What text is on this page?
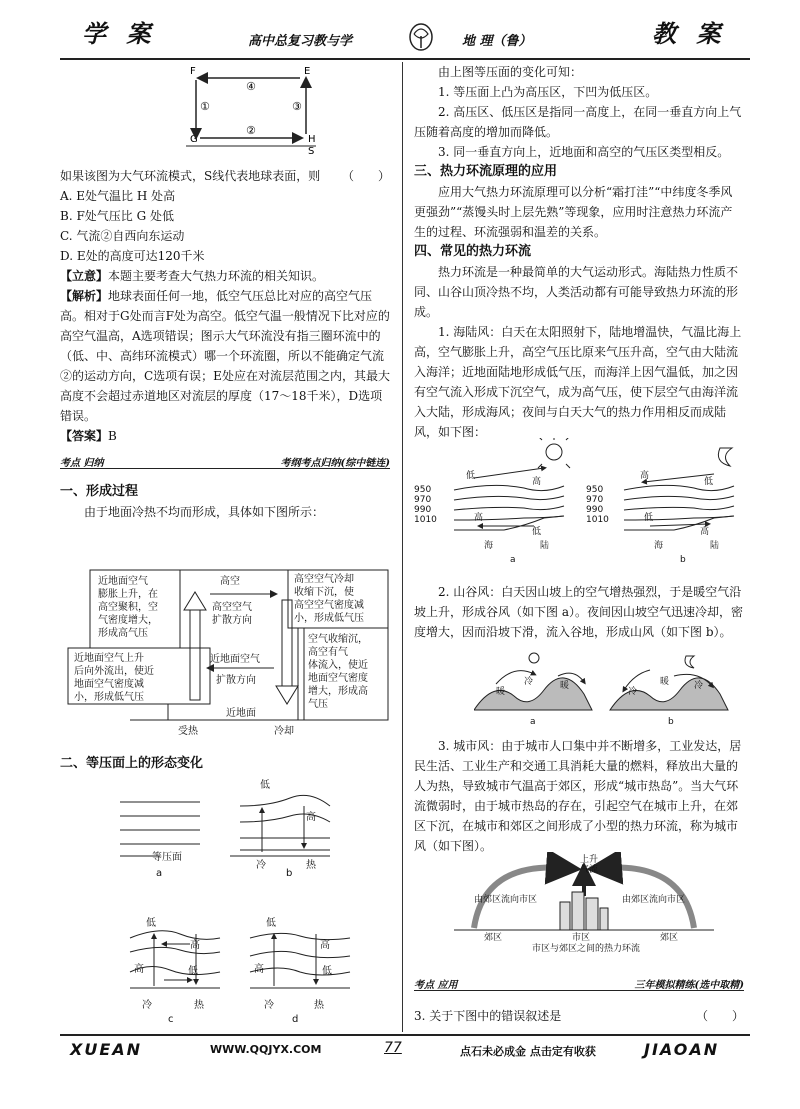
学 案	高中总复习教与学	地 理（鲁）	教 案
F	E
G	H
S
④
①
②
③

如果该图为大气环流模式，S线代表地球表面，则 （　　）

A. E处气温比 H 处高

B. F处气压比 G 处低

C. 气流②自西向东运动

D. E处的高度可达120千米

【立意】本题主要考查大气热力环流的相关知识。

【解析】地球表面任何一地，低空气压总比对应的高空气压高。相对于G处而言F处为高空。低空气温一般情况下比对应的高空气温高，A选项错误；图示大气环流没有指三圈环流中的（低、中、高纬环流模式）哪一个环流圈，所以不能确定气流②的运动方向，C选项有误；E处应在对流层范围之内，其最大高度不会超过赤道地区对流层的厚度（17～18千米），D选项错误。

【答案】B

考点 归纳	考纲考点归纳(综中链连)

一、形成过程

由于地面冷热不均而形成，具体如下图所示：

近地面空气
膨胀上升，在
高空聚积，空
气密度增大，
形成高气压
近地面空气上升
后向外流出，使近
地面空气密度减
小，形成低气压
高空空气冷却
收缩下沉，使
高空空气密度减
小，形成低气压
空气收缩沉，
高空有气
体流入，使近
地面空气密度
增大，形成高
气压
高空
高空空气
扩散方向
近地面空气
扩散方向
近地面
受热	冷却
二、等压面上的形态变化
等压面
a
低
高
冷	热
b
低
高
高	低
冷	热
c
低
高
高	低
冷	热
d

由上图等压面的变化可知：

1. 等压面上凸为高压区，下凹为低压区。

2. 高压区、低压区是指同一高度上，在同一垂直方向上气压随着高度的增加而降低。

3. 同一垂直方向上，近地面和高空的气压区类型相反。

三、热力环流原理的应用

应用大气热力环流原理可以分析“霜打洼”“中纬度冬季风更强劲”“蒸馒头时上层先熟”等现象，应用时注意热力环流产生的过程、环流强弱和温差的关系。

四、常见的热力环流

热力环流是一种最简单的大气运动形式。海陆热力性质不同、山谷山顶冷热不均，人类活动都有可能导致热力环流的形成。

1. 海陆风：白天在太阳照射下，陆地增温快，气温比海上高，空气膨胀上升，高空气压比原来气压升高，空气由大陆流入海洋；近地面陆地形成低气压，而海洋上因气温低，加之因有空气流入形成下沉空气，成为高气压，使下层空气由海洋流入大陆，形成海风；夜间与白天大气的热力作用相反而成陆风，如下图：

低
高
950
970
990
1010	高
低
海	陆
a
高
低
950
970
990
1010	低
高
海	陆
b

2. 山谷风：白天因山坡上的空气增热强烈，于是暖空气沿坡上升，形成谷风（如下图 a）。夜间因山坡空气迅速冷却，密度增大，因而沿坡下滑，流入谷地，形成山风（如下图 b）。

暖
冷	暖
a
冷
暖	冷
b

3. 城市风：由于城市人口集中并不断增多，工业发达，居民生活、工业生产和交通工具消耗大量的燃料，释放出大量的人为热，导致城市气温高于郊区，形成“城市热岛”。当大气环流微弱时，由于城市热岛的存在，引起空气在城市上升，在郊区下沉，在城市和郊区之间形成了小型的热力环流，称为城市风（如下图）。

上升
气流
由郊区流向市区	由郊区流向市区
郊区	市区	郊区
市区与郊区之间的热力环流
考点 应用	三年模拟精练(选中取精)
3. 关于下图中的错误叙述是	（　　）
XUEAN	WWW.QQJYX.COM	77	点石未必成金 点击定有收获	JIAOAN
